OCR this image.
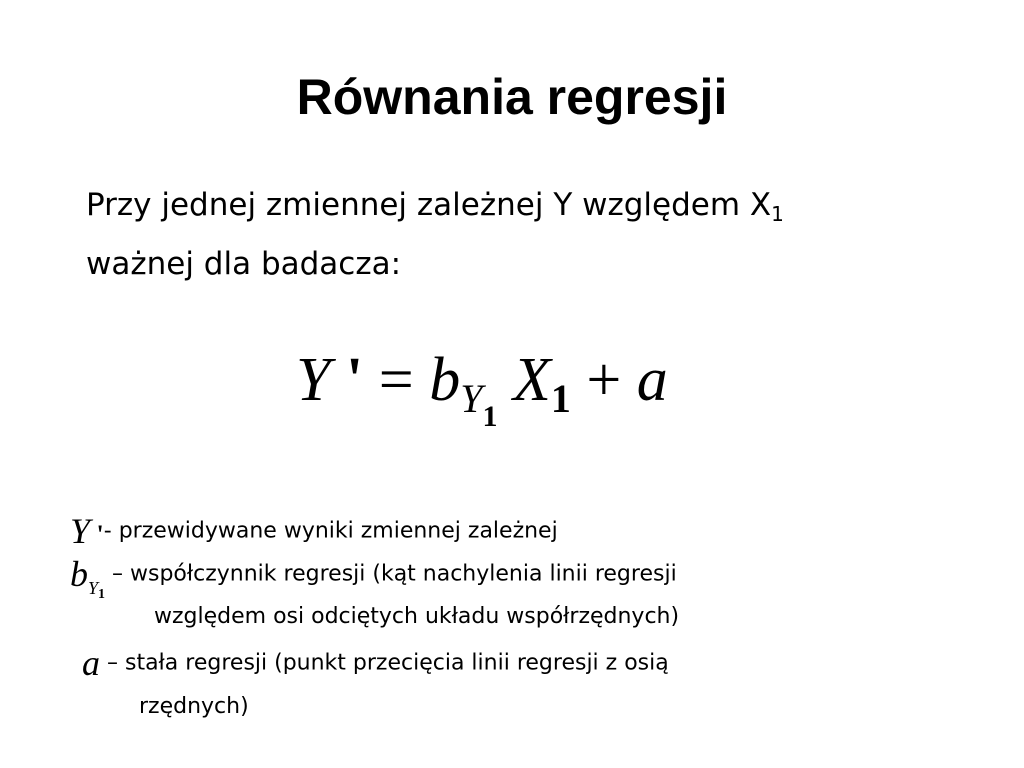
Równania regresji
Przy jednej zmiennej zależnej Y względem $X_1$
ważnej dla badacza:
Y ' = $bY_1$ X1 + a
Y '- przewidywane wyniki zmiennej zależnej
$b_{Y_1}$ – współczynnik regresji (kąt nachylenia linii regresji
względem osi odciętych układu współrzędnych)
a – stała regresji (punkt przecięcia linii regresji z osią
rzędnych)
